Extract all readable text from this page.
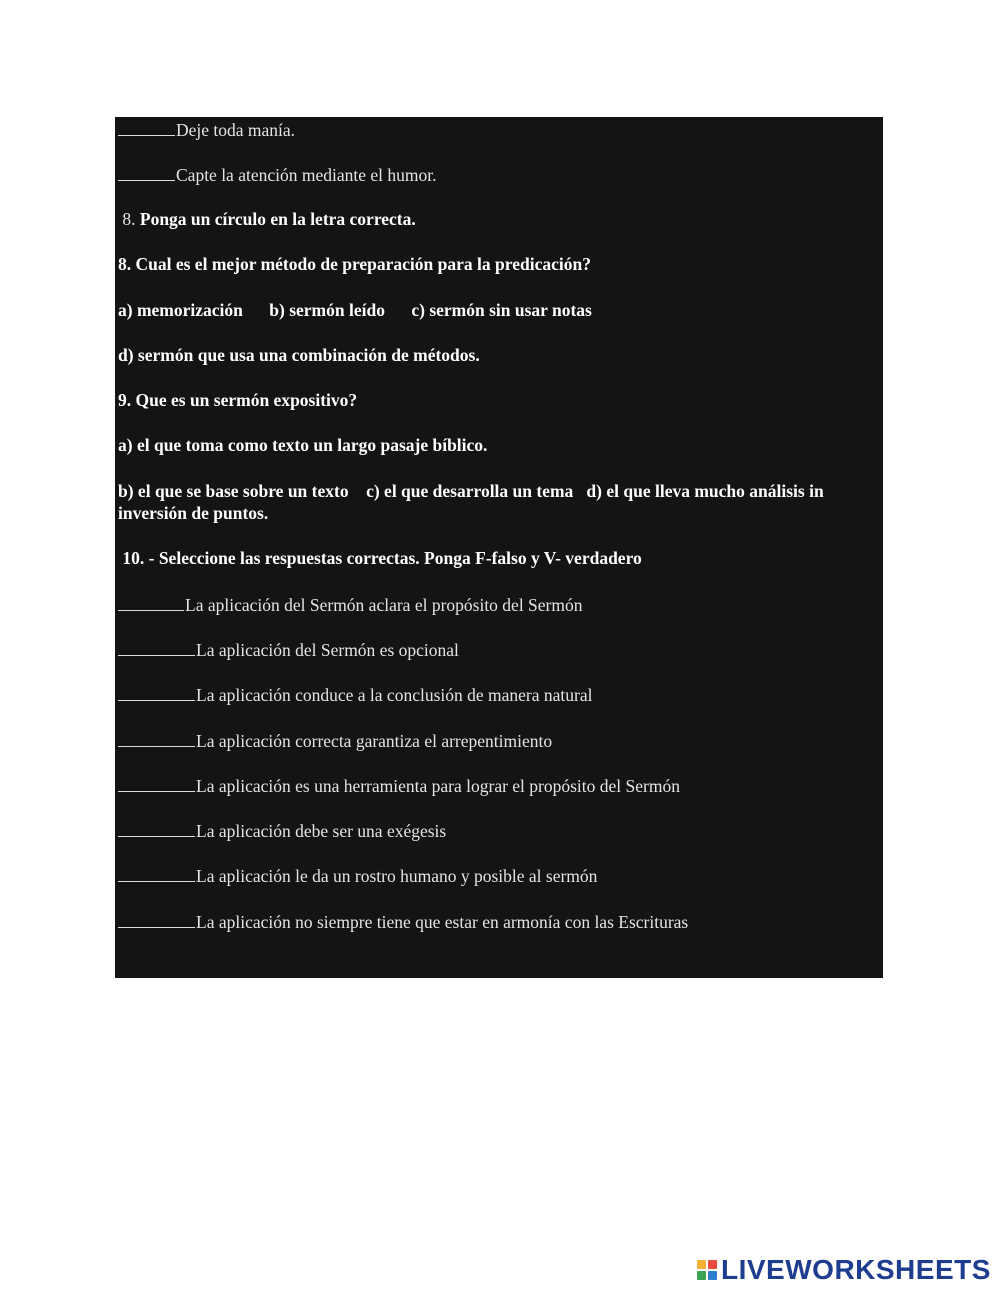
Deje toda manía.
Capte la atención mediante el humor.
8. Ponga un círculo en la letra correcta.
8. Cual es el mejor método de preparación para la predicación?
a) memorización b) sermón leído c) sermón sin usar notas
d) sermón que usa una combinación de métodos.
9. Que es un sermón expositivo?
a) el que toma como texto un largo pasaje bíblico.
b) el que se base sobre un texto    c) el que desarrolla un tema   d) el que lleva mucho análisis in inversión de puntos.
10. - Seleccione las respuestas correctas. Ponga F-falso y V- verdadero
La aplicación del Sermón aclara el propósito del Sermón
La aplicación del Sermón es opcional
La aplicación conduce a la conclusión de manera natural
La aplicación correcta garantiza el arrepentimiento
La aplicación es una herramienta para lograr el propósito del Sermón
La aplicación debe ser una exégesis
La aplicación le da un rostro humano y posible al sermón
La aplicación no siempre tiene que estar en armonía con las Escrituras
LIVEWORKSHEETS
